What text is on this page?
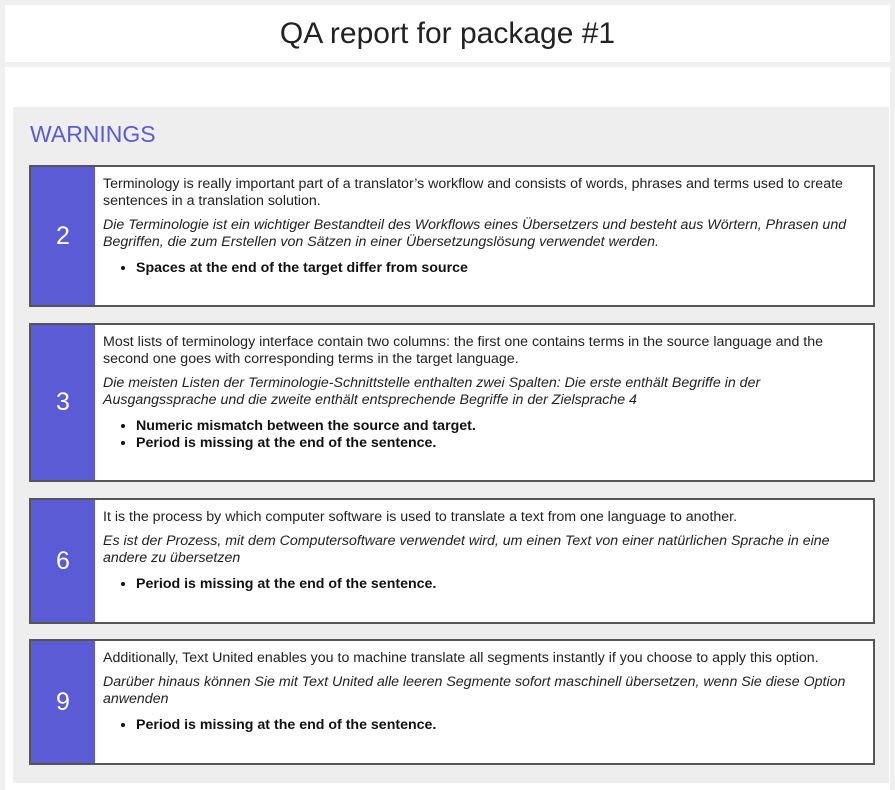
QA report for package #1
WARNINGS
2

Terminology is really important part of a translator’s workflow and consists of words, phrases and terms used to create sentences in a translation solution.

Die Terminologie ist ein wichtiger Bestandteil des Workflows eines Übersetzers und besteht aus Wörtern, Phrasen und Begriffen, die zum Erstellen von Sätzen in einer Übersetzungslösung verwendet werden.

• Spaces at the end of the target differ from source
3

Most lists of terminology interface contain two columns: the first one contains terms in the source language and the second one goes with corresponding terms in the target language.

Die meisten Listen der Terminologie-Schnittstelle enthalten zwei Spalten: Die erste enthält Begriffe in der Ausgangssprache und die zweite enthält entsprechende Begriffe in der Zielsprache 4

• Numeric mismatch between the source and target.
• Period is missing at the end of the sentence.
6

It is the process by which computer software is used to translate a text from one language to another.

Es ist der Prozess, mit dem Computersoftware verwendet wird, um einen Text von einer natürlichen Sprache in eine andere zu übersetzen

• Period is missing at the end of the sentence.
9

Additionally, Text United enables you to machine translate all segments instantly if you choose to apply this option.

Darüber hinaus können Sie mit Text United alle leeren Segmente sofort maschinell übersetzen, wenn Sie diese Option anwenden

• Period is missing at the end of the sentence.
